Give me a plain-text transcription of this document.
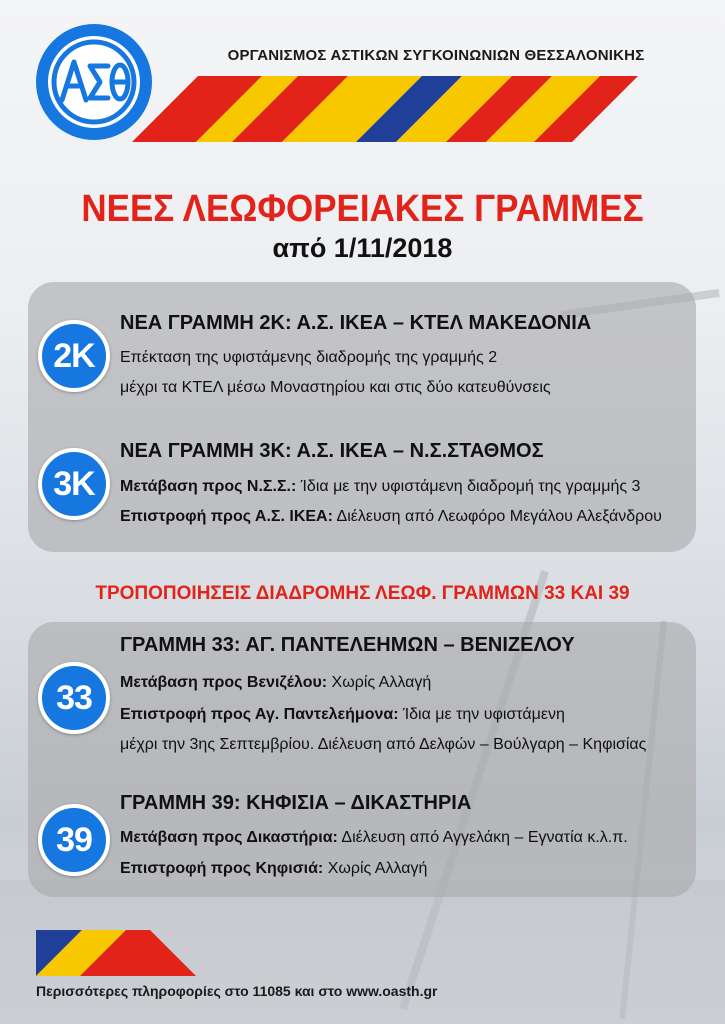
ΟΡΓΑΝΙΣΜΟΣ ΑΣΤΙΚΩΝ ΣΥΓΚΟΙΝΩΝΙΩΝ ΘΕΣΣΑΛΟΝΙΚΗΣ
ΝΕΕΣ ΛΕΩΦΟΡΕΙΑΚΕΣ ΓΡΑΜΜΕΣ
από 1/11/2018
2Κ
ΝΕΑ ΓΡΑΜΜΗ 2Κ: Α.Σ. ΙΚΕΑ – ΚΤΕΛ ΜΑΚΕΔΟΝΙΑ
Επέκταση της υφιστάμενης διαδρομής της γραμμής 2
μέχρι τα ΚΤΕΛ μέσω Μοναστηρίου και στις δύο κατευθύνσεις
3Κ
ΝΕΑ ΓΡΑΜΜΗ 3Κ: Α.Σ. ΙΚΕΑ – Ν.Σ.ΣΤΑΘΜΟΣ
Μετάβαση προς Ν.Σ.Σ.: Ίδια με την υφιστάμενη διαδρομή της γραμμής 3
Επιστροφή προς Α.Σ. ΙΚΕΑ: Διέλευση από Λεωφόρο Μεγάλου Αλεξάνδρου
ΤΡΟΠΟΠΟΙΗΣΕΙΣ ΔΙΑΔΡΟΜΗΣ ΛΕΩΦ. ΓΡΑΜΜΩΝ 33 ΚΑΙ 39
33
ΓΡΑΜΜΗ 33: ΑΓ. ΠΑΝΤΕΛΕΗΜΩΝ – ΒΕΝΙΖΕΛΟΥ
Μετάβαση προς Βενιζέλου: Χωρίς Αλλαγή
Επιστροφή προς Αγ. Παντελεήμονα: Ίδια με την υφιστάμενη
μέχρι την 3ης Σεπτεμβρίου. Διέλευση από Δελφών – Βούλγαρη – Κηφισίας
39
ΓΡΑΜΜΗ 39: ΚΗΦΙΣΙΑ – ΔΙΚΑΣΤΗΡΙΑ
Μετάβαση προς Δικαστήρια: Διέλευση από Αγγελάκη – Εγνατία κ.λ.π.
Επιστροφή προς Κηφισιά: Χωρίς Αλλαγή
Περισσότερες πληροφορίες στο 11085 και στο www.oasth.gr
